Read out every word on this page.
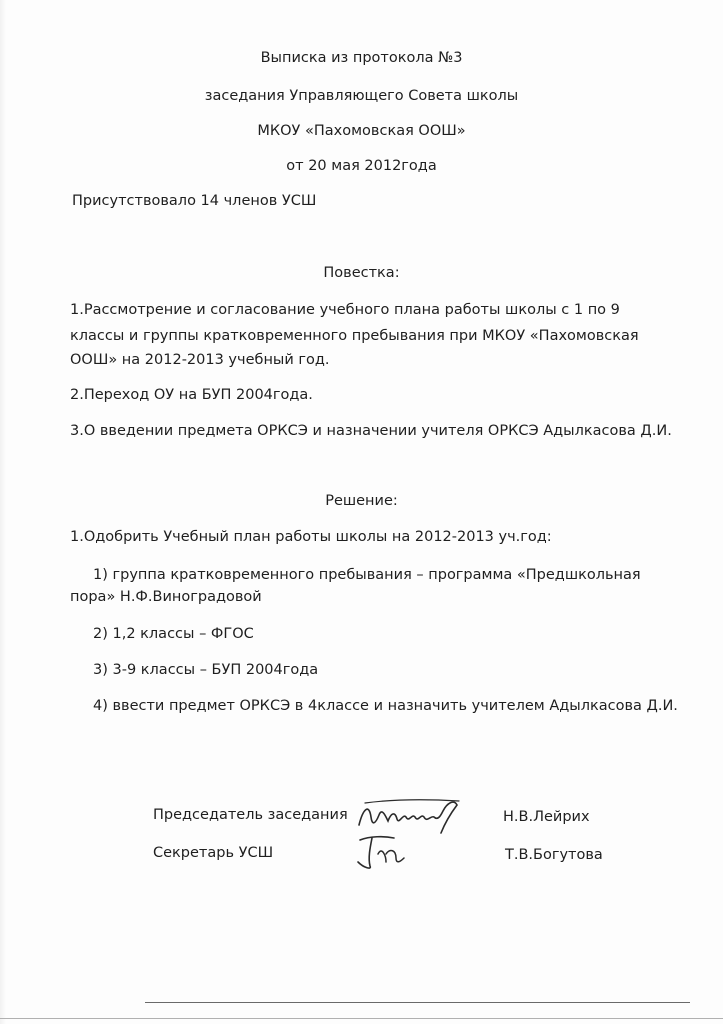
Выписка из протокола №3
заседания Управляющего Совета школы
МКОУ «Пахомовская ООШ»
от 20 мая 2012года
Присутствовало 14 членов УСШ
Повестка:
1.Рассмотрение и согласование учебного плана работы школы с 1 по 9
классы и группы кратковременного пребывания при МКОУ «Пахомовская
ООШ» на 2012-2013 учебный год.
2.Переход ОУ на БУП 2004года.
3.О введении предмета ОРКСЭ и назначении учителя ОРКСЭ Адылкасова Д.И.
Решение:
1.Одобрить Учебный план работы школы на 2012-2013 уч.год:
1) группа кратковременного пребывания – программа «Предшкольная
пора» Н.Ф.Виноградовой
2) 1,2 классы – ФГОС
3) 3-9 классы – БУП 2004года
4) ввести предмет ОРКСЭ в 4классе и назначить учителем Адылкасова Д.И.
Председатель заседания	Н.В.Лейрих
Секретарь УСШ	Т.В.Богутова
